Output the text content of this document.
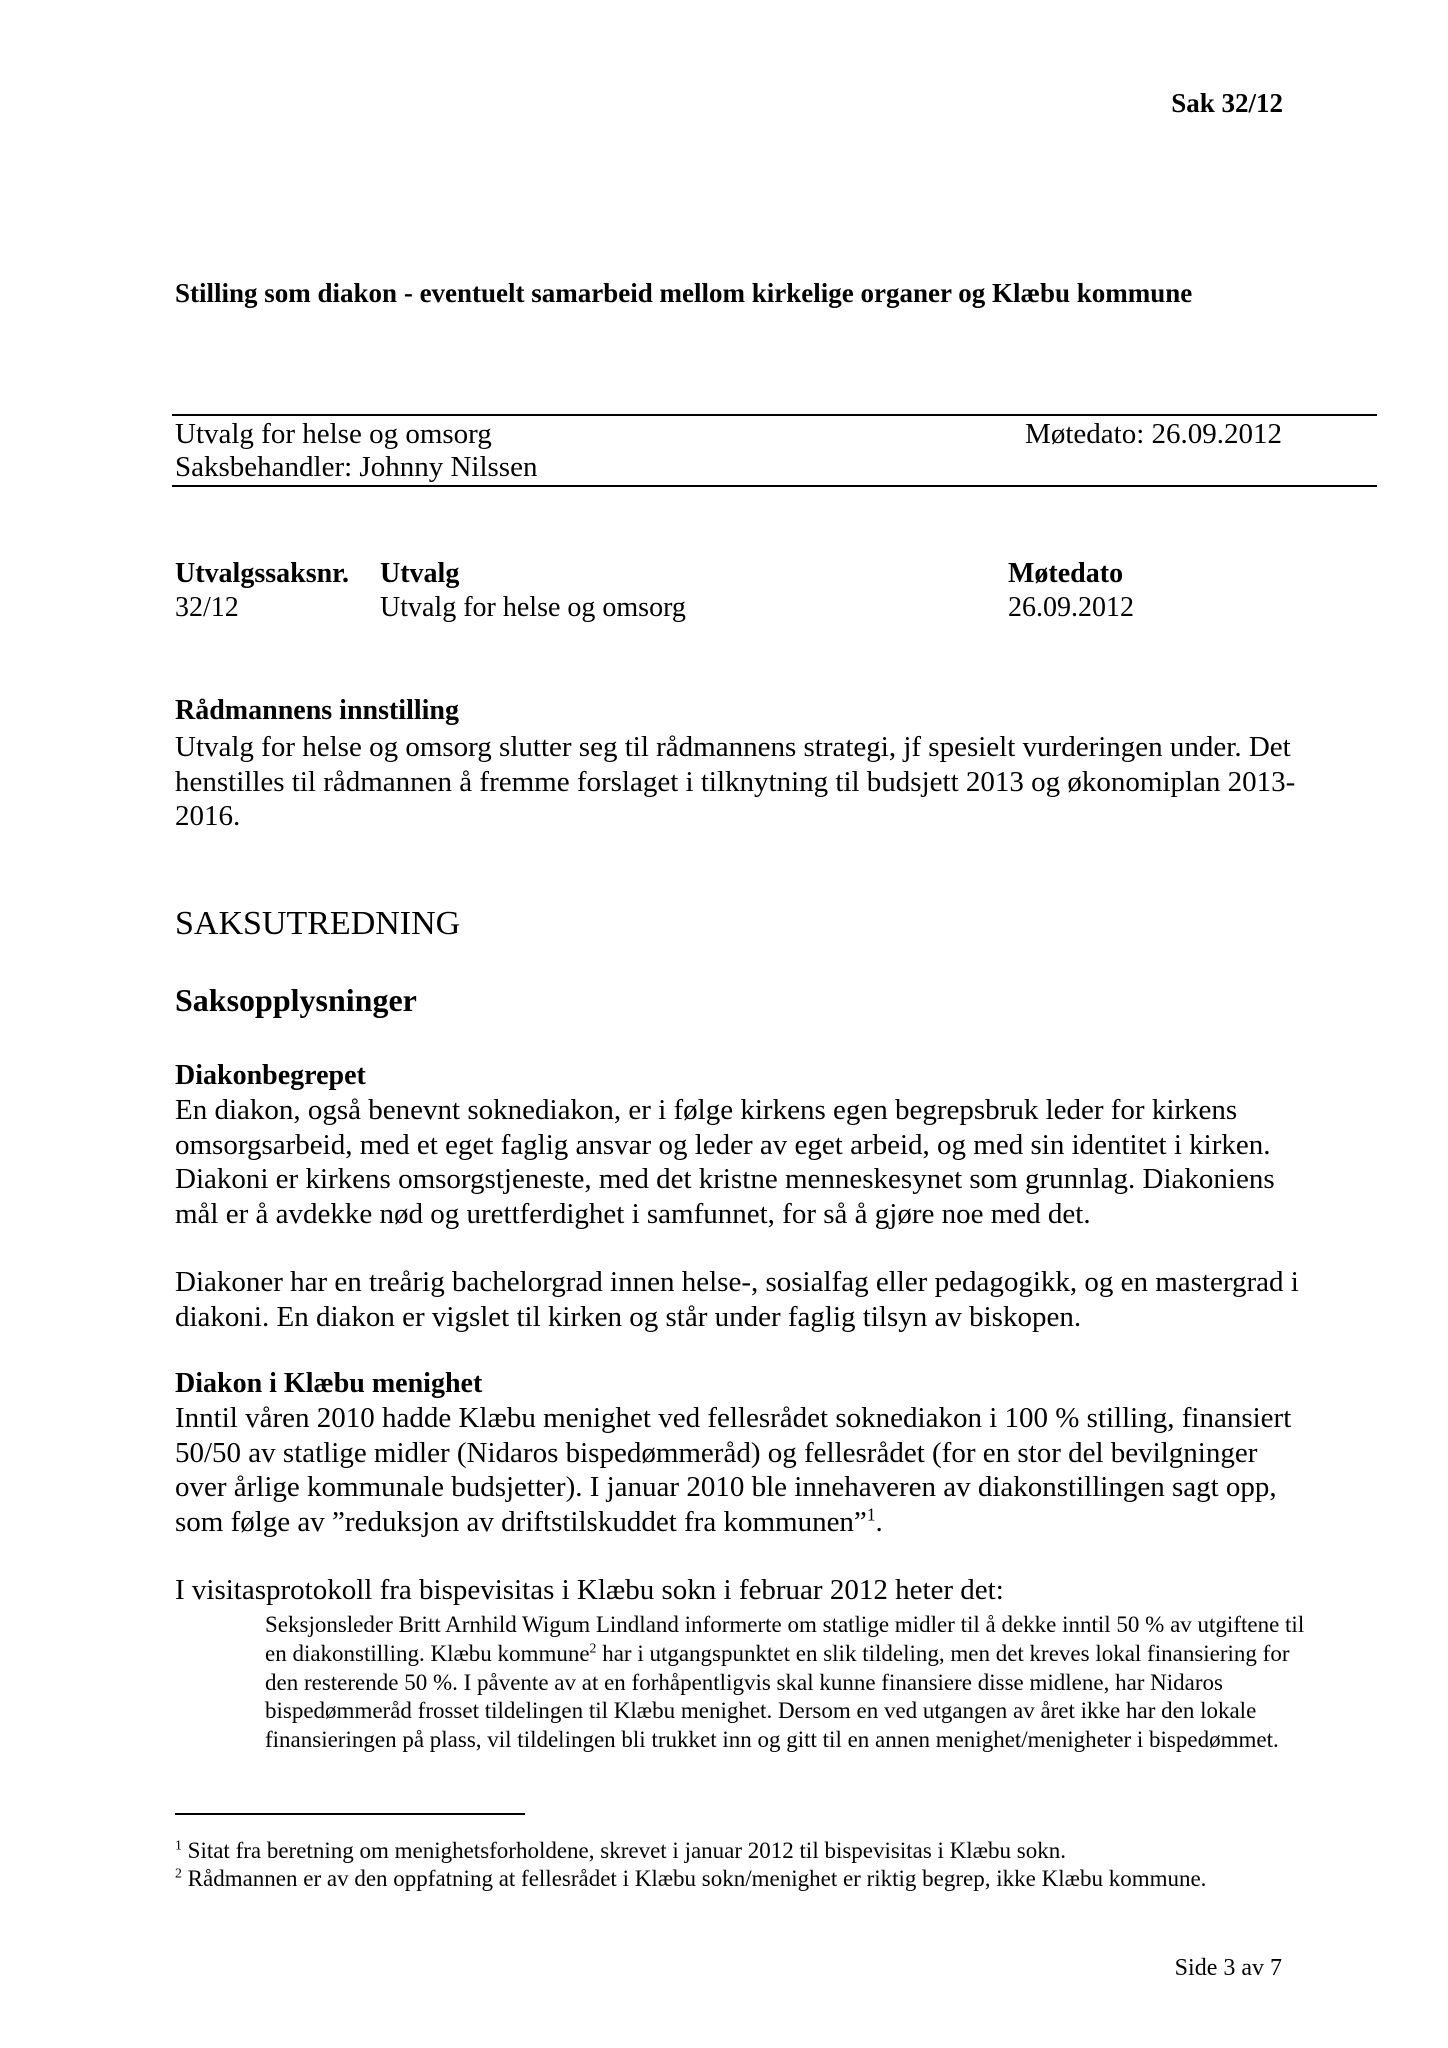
Sak 32/12
Stilling som diakon - eventuelt samarbeid mellom kirkelige organer og Klæbu kommune
Utvalg for helse og omsorg	Møtedato: 26.09.2012
Saksbehandler: Johnny Nilssen
Utvalgssaksnr. Utvalg	Møtedato
32/12	Utvalg for helse og omsorg	26.09.2012
Rådmannens innstilling

Utvalg for helse og omsorg slutter seg til rådmannens strategi, jf spesielt vurderingen under. Det henstilles til rådmannen å fremme forslaget i tilknytning til budsjett 2013 og økonomiplan 2013-2016.

SAKSUTREDNING
Saksopplysninger
Diakonbegrepet

En diakon, også benevnt soknediakon, er i følge kirkens egen begrepsbruk leder for kirkens omsorgsarbeid, med et eget faglig ansvar og leder av eget arbeid, og med sin identitet i kirken. Diakoni er kirkens omsorgstjeneste, med det kristne menneskesynet som grunnlag. Diakoniens mål er å avdekke nød og urettferdighet i samfunnet, for så å gjøre noe med det.

Diakoner har en treårig bachelorgrad innen helse-, sosialfag eller pedagogikk, og en mastergrad i diakoni. En diakon er vigslet til kirken og står under faglig tilsyn av biskopen.

Diakon i Klæbu menighet

Inntil våren 2010 hadde Klæbu menighet ved fellesrådet soknediakon i 100 % stilling, finansiert 50/50 av statlige midler (Nidaros bispedømmeråd) og fellesrådet (for en stor del bevilgninger over årlige kommunale budsjetter). I januar 2010 ble innehaveren av diakonstillingen sagt opp, som følge av ”reduksjon av driftstilskuddet fra kommunen”$^1$.

I visitasprotokoll fra bispevisitas i Klæbu sokn i februar 2012 heter det:

Seksjonsleder Britt Arnhild Wigum Lindland informerte om statlige midler til å dekke inntil 50 % av utgiftene til en diakonstilling. Klæbu kommune$^2$ har i utgangspunktet en slik tildeling, men det kreves lokal finansiering for den resterende 50 %. I påvente av at en forhåpentligvis skal kunne finansiere disse midlene, har Nidaros bispedømmeråd frosset tildelingen til Klæbu menighet. Dersom en ved utgangen av året ikke har den lokale finansieringen på plass, vil tildelingen bli trukket inn og gitt til en annen menighet/menigheter i bispedømmet.

$^1$ Sitat fra beretning om menighetsforholdene, skrevet i januar 2012 til bispevisitas i Klæbu sokn.
$^2$ Rådmannen er av den oppfatning at fellesrådet i Klæbu sokn/menighet er riktig begrep, ikke Klæbu kommune.
Side 3 av 7
